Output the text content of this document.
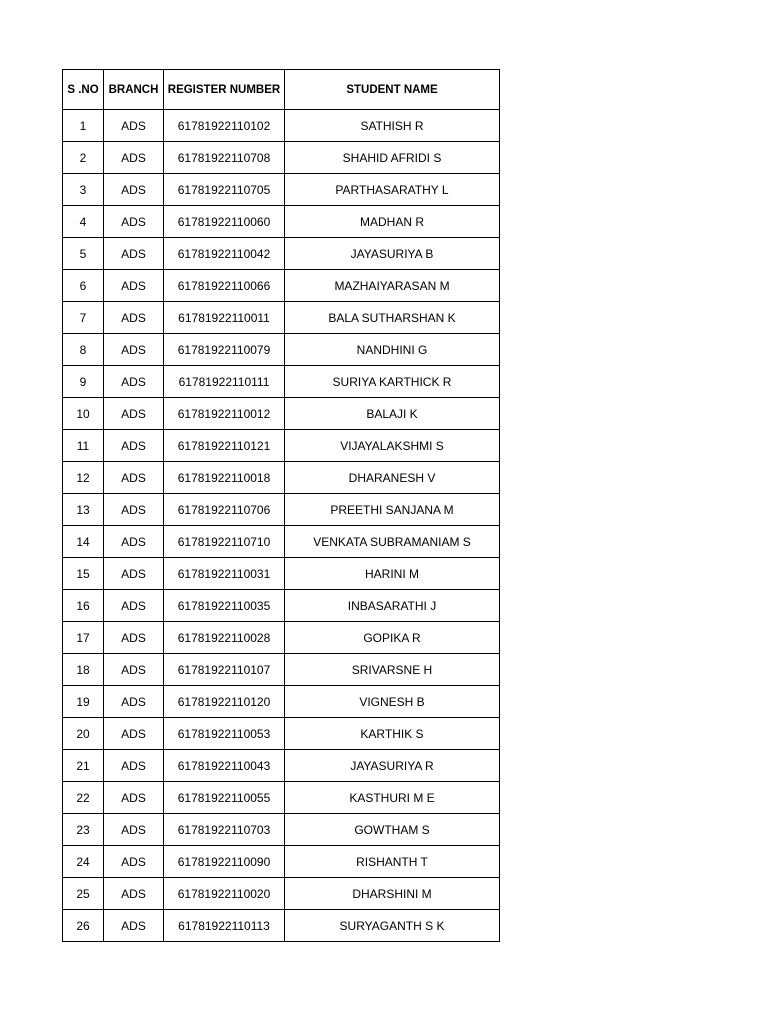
S .NO	BRANCH	REGISTER NUMBER	STUDENT NAME
1	ADS	61781922110102	SATHISH R
2	ADS	61781922110708	SHAHID AFRIDI S
3	ADS	61781922110705	PARTHASARATHY L
4	ADS	61781922110060	MADHAN R
5	ADS	61781922110042	JAYASURIYA B
6	ADS	61781922110066	MAZHAIYARASAN M
7	ADS	61781922110011	BALA SUTHARSHAN K
8	ADS	61781922110079	NANDHINI G
9	ADS	61781922110111	SURIYA KARTHICK R
10	ADS	61781922110012	BALAJI K
11	ADS	61781922110121	VIJAYALAKSHMI S
12	ADS	61781922110018	DHARANESH V
13	ADS	61781922110706	PREETHI SANJANA M
14	ADS	61781922110710	VENKATA SUBRAMANIAM S
15	ADS	61781922110031	HARINI M
16	ADS	61781922110035	INBASARATHI J
17	ADS	61781922110028	GOPIKA R
18	ADS	61781922110107	SRIVARSNE H
19	ADS	61781922110120	VIGNESH B
20	ADS	61781922110053	KARTHIK S
21	ADS	61781922110043	JAYASURIYA R
22	ADS	61781922110055	KASTHURI M E
23	ADS	61781922110703	GOWTHAM S
24	ADS	61781922110090	RISHANTH T
25	ADS	61781922110020	DHARSHINI M
26	ADS	61781922110113	SURYAGANTH S K
